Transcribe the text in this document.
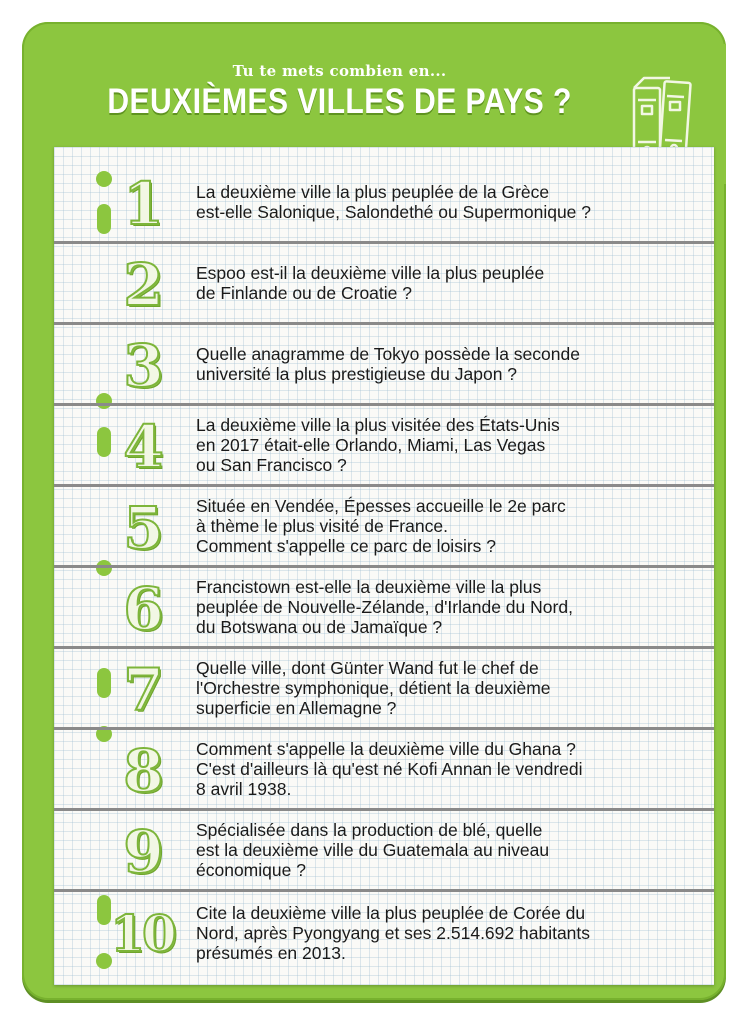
Tu te mets combien en...
DEUXIÈMES VILLES DE PAYS ?
1	La deuxième ville la plus peuplée de la Grèce
est-elle Salonique, Salondethé ou Supermonique ?
2	Espoo est-il la deuxième ville la plus peuplée
de Finlande ou de Croatie ?
3	Quelle anagramme de Tokyo possède la seconde
université la plus prestigieuse du Japon ?
4	La deuxième ville la plus visitée des États-Unis
en 2017 était-elle Orlando, Miami, Las Vegas
ou San Francisco ?
5	Située en Vendée, Épesses accueille le 2e parc
à thème le plus visité de France.
Comment s'appelle ce parc de loisirs ?
6	Francistown est-elle la deuxième ville la plus
peuplée de Nouvelle-Zélande, d'Irlande du Nord,
du Botswana ou de Jamaïque ?
7	Quelle ville, dont Günter Wand fut le chef de
l'Orchestre symphonique, détient la deuxième
superficie en Allemagne ?
8	Comment s'appelle la deuxième ville du Ghana ?
C'est d'ailleurs là qu'est né Kofi Annan le vendredi
8 avril 1938.
9	Spécialisée dans la production de blé, quelle
est la deuxième ville du Guatemala au niveau
économique ?
10 Cite la deuxième ville la plus peuplée de Corée du
Nord, après Pyongyang et ses 2.514.692 habitants
présumés en 2013.
